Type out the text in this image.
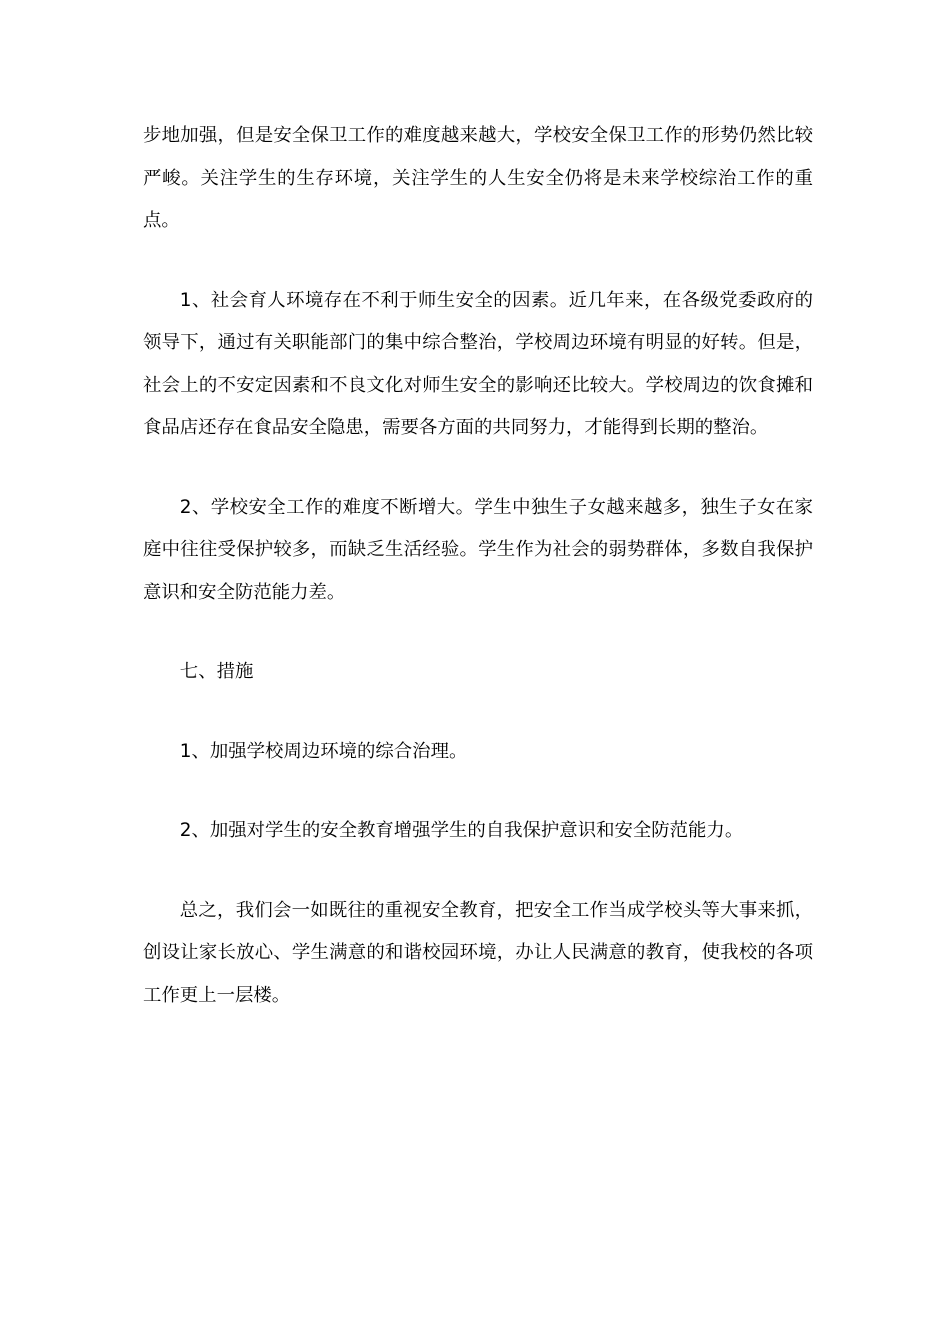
步地加强，但是安全保卫工作的难度越来越大，学校安全保卫工作的形势仍然比较严峻。关注学生的生存环境，关注学生的人生安全仍将是未来学校综治工作的重点。

1、社会育人环境存在不利于师生安全的因素。近几年来，在各级党委政府的领导下，通过有关职能部门的集中综合整治，学校周边环境有明显的好转。但是，社会上的不安定因素和不良文化对师生安全的影响还比较大。学校周边的饮食摊和食品店还存在食品安全隐患，需要各方面的共同努力，才能得到长期的整治。

2、学校安全工作的难度不断增大。学生中独生子女越来越多，独生子女在家庭中往往受保护较多，而缺乏生活经验。学生作为社会的弱势群体，多数自我保护意识和安全防范能力差。

七、措施

1、加强学校周边环境的综合治理。

2、加强对学生的安全教育增强学生的自我保护意识和安全防范能力。

总之，我们会一如既往的重视安全教育，把安全工作当成学校头等大事来抓，创设让家长放心、学生满意的和谐校园环境，办让人民满意的教育，使我校的各项工作更上一层楼。
